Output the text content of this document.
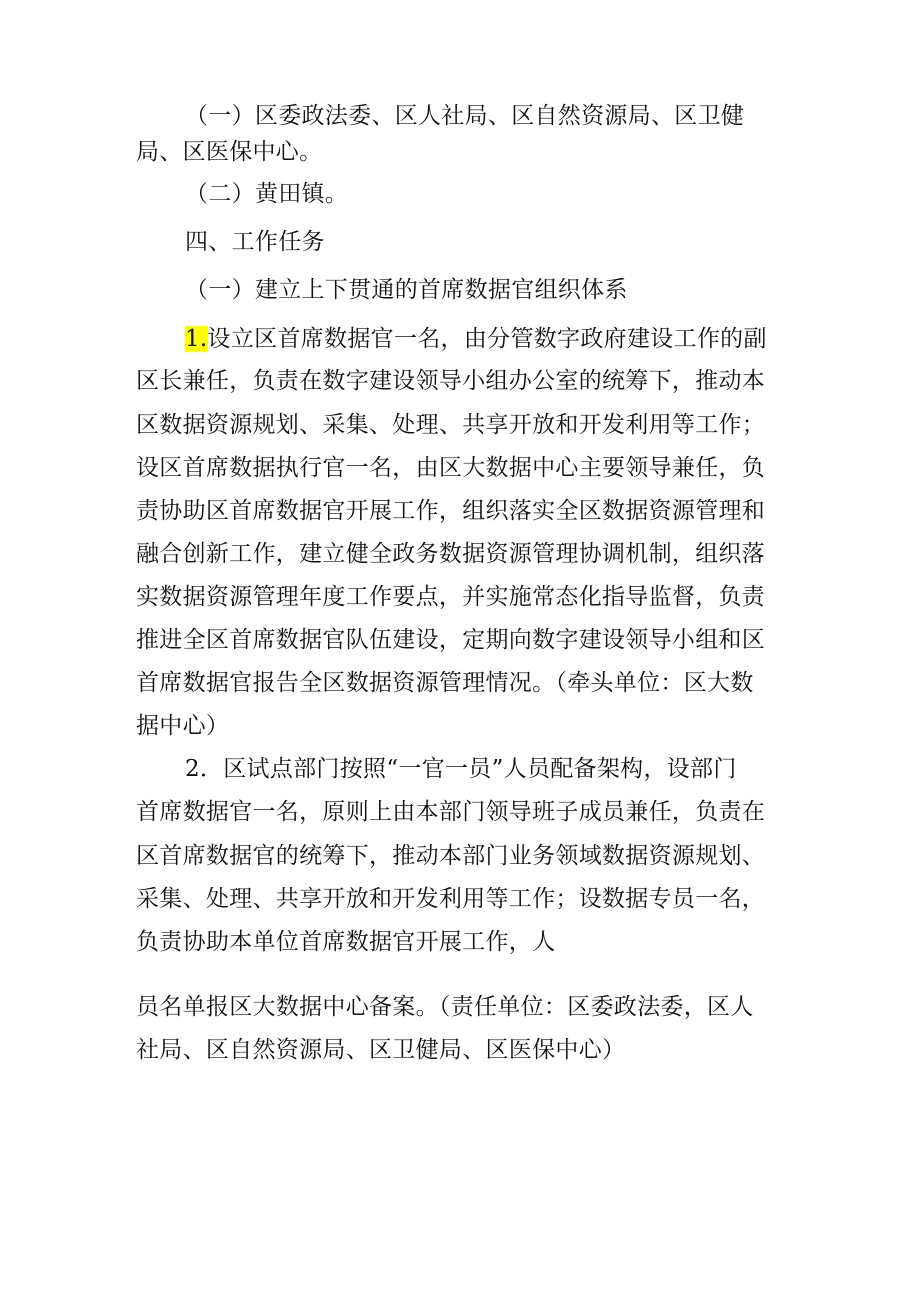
（一）区委政法委、区人社局、区自然资源局、区卫健
局、区医保中心。
（二）黄田镇。
四、工作任务
（一）建立上下贯通的首席数据官组织体系
1.设立区首席数据官一名，由分管数字政府建设工作的副
区长兼任，负责在数字建设领导小组办公室的统筹下，推动本
区数据资源规划、采集、处理、共享开放和开发利用等工作；
设区首席数据执行官一名，由区大数据中心主要领导兼任，负
责协助区首席数据官开展工作，组织落实全区数据资源管理和
融合创新工作，建立健全政务数据资源管理协调机制，组织落
实数据资源管理年度工作要点，并实施常态化指导监督，负责
推进全区首席数据官队伍建设，定期向数字建设领导小组和区
首席数据官报告全区数据资源管理情况。（牵头单位：区大数
据中心）
2．区试点部门按照“一官一员”人员配备架构，设部门
首席数据官一名，原则上由本部门领导班子成员兼任，负责在
区首席数据官的统筹下，推动本部门业务领域数据资源规划、
采集、处理、共享开放和开发利用等工作；设数据专员一名，
负责协助本单位首席数据官开展工作，人
员名单报区大数据中心备案。（责任单位：区委政法委，区人
社局、区自然资源局、区卫健局、区医保中心）
